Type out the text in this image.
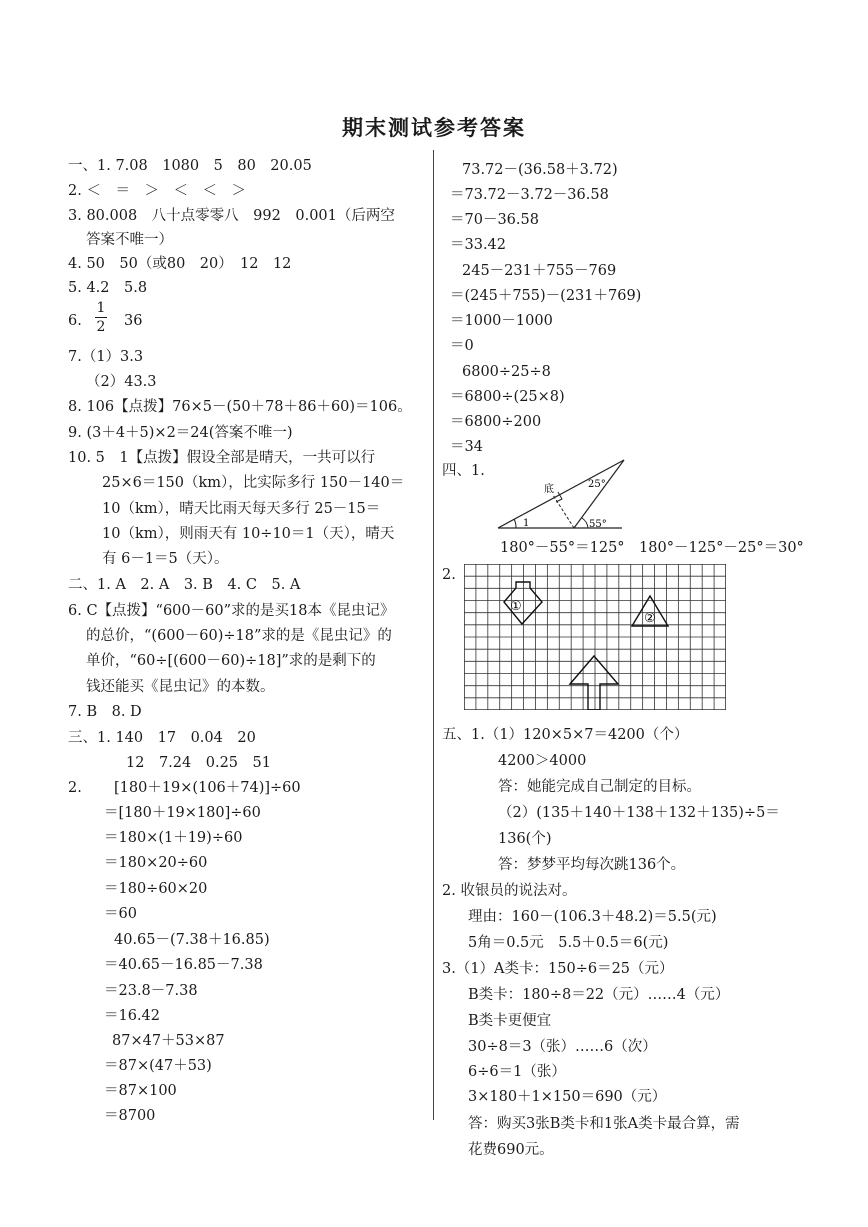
期末测试参考答案
一、1. 7.08　1080　5　80　20.05
2. ＜　＝　＞　＜　＜　＞
3. 80.008　八十点零零八　992　0.001（后两空
答案不唯一）
4. 50　50（或80　20）　12　12
5. 4.2　5.8
6.
1
2 36
7.（1）3.3
（2）43.3
8. 106【点拨】76×5－(50＋78＋86＋60)＝106。
9. (3＋4＋5)×2＝24(答案不唯一)
10. 5　1【点拨】假设全部是晴天，一共可以行
25×6＝150（km），比实际多行 150－140＝
10（km），晴天比雨天每天多行 25－15＝
10（km），则雨天有 10÷10＝1（天），晴天
有 6－1＝5（天）。
二、1. A　2. A　3. B　4. C　5. A
6. C【点拨】“600－60”求的是买18本《昆虫记》
的总价，“(600－60)÷18”求的是《昆虫记》的
单价，“60÷[(600－60)÷18]”求的是剩下的
钱还能买《昆虫记》的本数。
7. B　8. D
三、1. 140　17　0.04　20
12　7.24　0.25　51
2. [180＋19×(106＋74)]÷60
＝[180＋19×180]÷60
＝180×(1＋19)÷60
＝180×20÷60
＝180÷60×20
＝60
40.65－(7.38＋16.85)
＝40.65－16.85－7.38
＝23.8－7.38
＝16.42
87×47＋53×87
＝87×(47＋53)
＝87×100
＝8700
73.72－(36.58＋3.72)
＝73.72－3.72－36.58
＝70－36.58
＝33.42
245－231＋755－769
＝(245＋755)－(231＋769)
＝1000－1000
＝0
6800÷25÷8
＝6800÷(25×8)
＝6800÷200
＝34
四、1.
底	25°
55°
1
180°－55°＝125°　180°－125°－25°＝30°
2.
①
②
五、1.（1）120×5×7＝4200（个）
4200＞4000
答：她能完成自己制定的目标。
（2）(135＋140＋138＋132＋135)÷5＝
136(个)
答：梦梦平均每次跳136个。
2. 收银员的说法对。
理由：160－(106.3＋48.2)＝5.5(元)
5角＝0.5元　5.5＋0.5＝6(元)
3.（1）A类卡：150÷6＝25（元）
B类卡：180÷8＝22（元）……4（元）
B类卡更便宜
30÷8＝3（张）……6（次）
6÷6＝1（张）
3×180＋1×150＝690（元）
答：购买3张B类卡和1张A类卡最合算，需
花费690元。
